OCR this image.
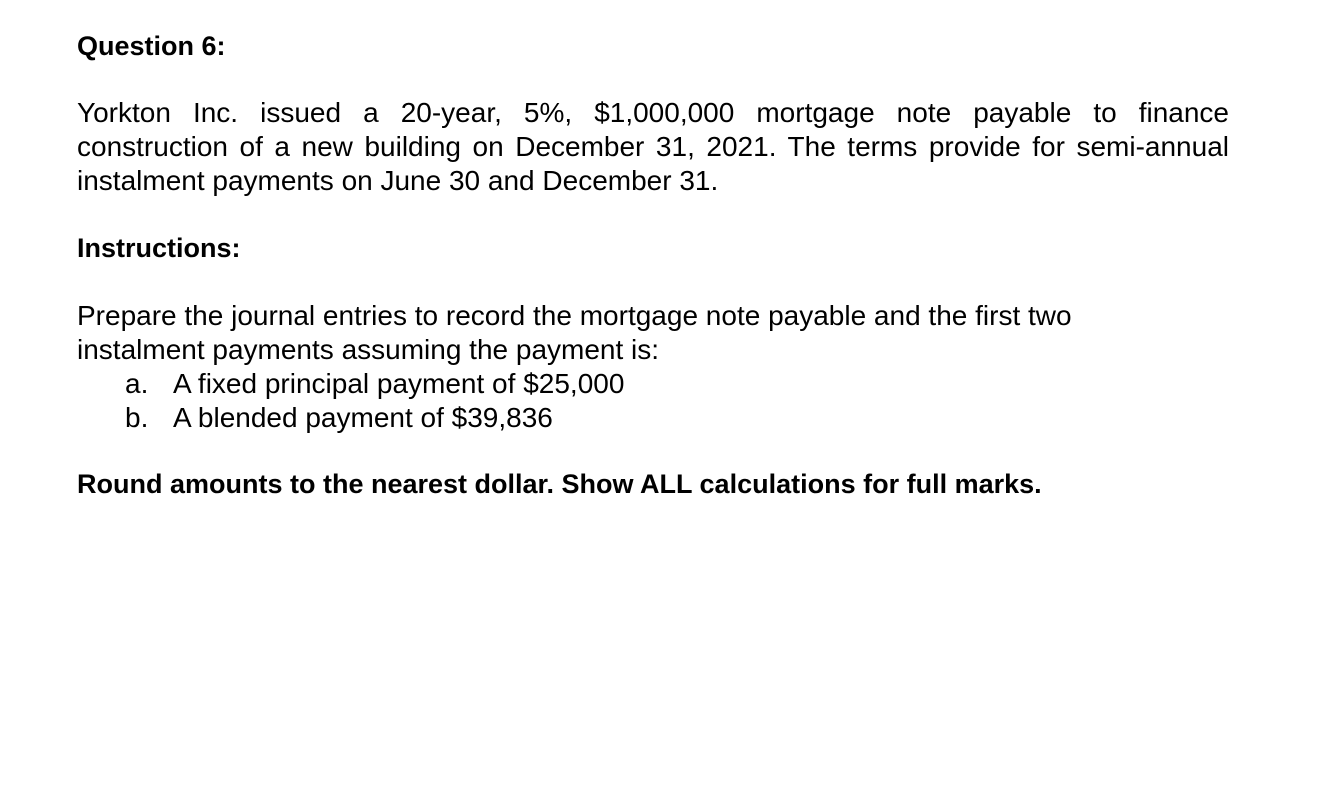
Question 6:

Yorkton Inc. issued a 20-year, 5%, $1,000,000 mortgage note payable to finance construction of a new building on December 31, 2021. The terms provide for semi-annual instalment payments on June 30 and December 31.

Instructions:

Prepare the journal entries to record the mortgage note payable and the first two instalment payments assuming the payment is:

a. A fixed principal payment of $25,000
b. A blended payment of $39,836

Round amounts to the nearest dollar. Show ALL calculations for full marks.
